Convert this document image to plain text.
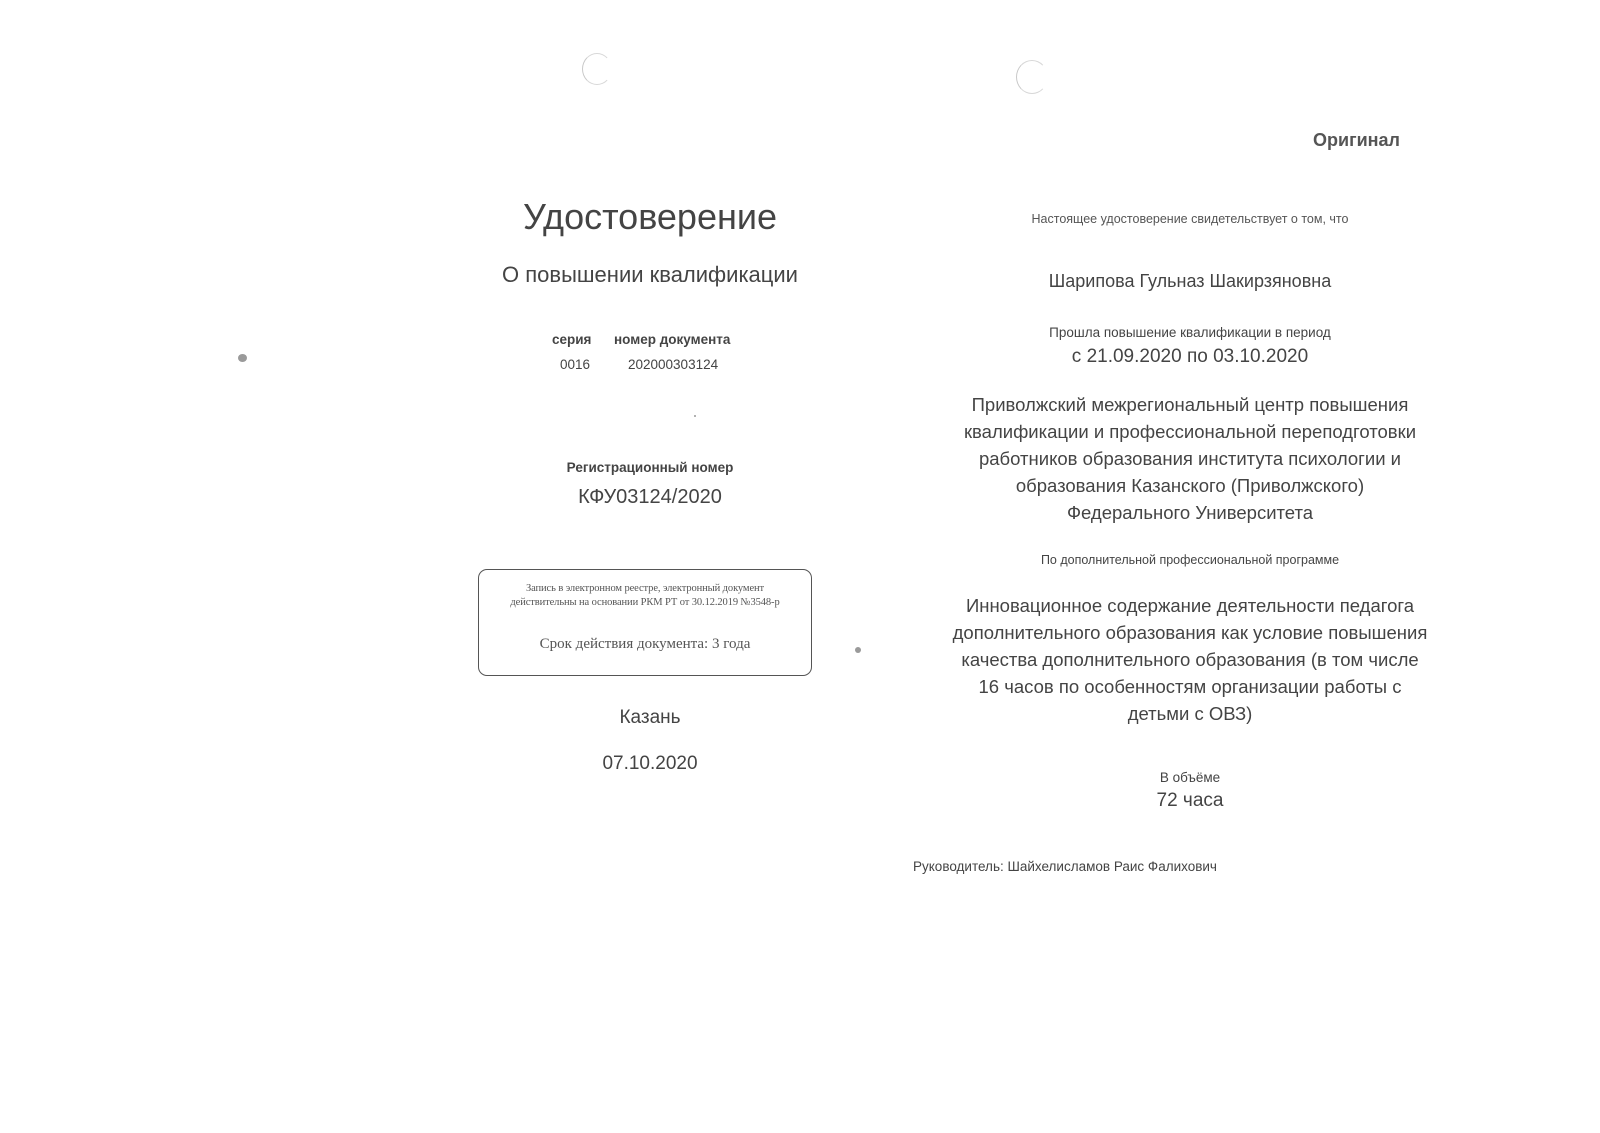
Оригинал
Удостоверение
О повышении квалификации
серия номер документа
0016	202000303124
Регистрационный номер
КФУ03124/2020
Запись в электронном реестре, электронный документ
действительны на основании РКМ РТ от 30.12.2019 №3548-р
Срок действия документа: 3 года
Казань
07.10.2020
Настоящее удостоверение свидетельствует о том, что
Шарипова Гульназ Шакирзяновна
Прошла повышение квалификации в период
с 21.09.2020 по 03.10.2020
Приволжский межрегиональный центр повышения
квалификации и профессиональной переподготовки
работников образования института психологии и
образования Казанского (Приволжского)
Федерального Университета
По дополнительной профессиональной программе
Инновационное содержание деятельности педагога
дополнительного образования как условие повышения
качества дополнительного образования (в том числе
16 часов по особенностям организации работы с
детьми с ОВЗ)
В объёме
72 часа
Руководитель: Шайхелисламов Раис Фалихович
